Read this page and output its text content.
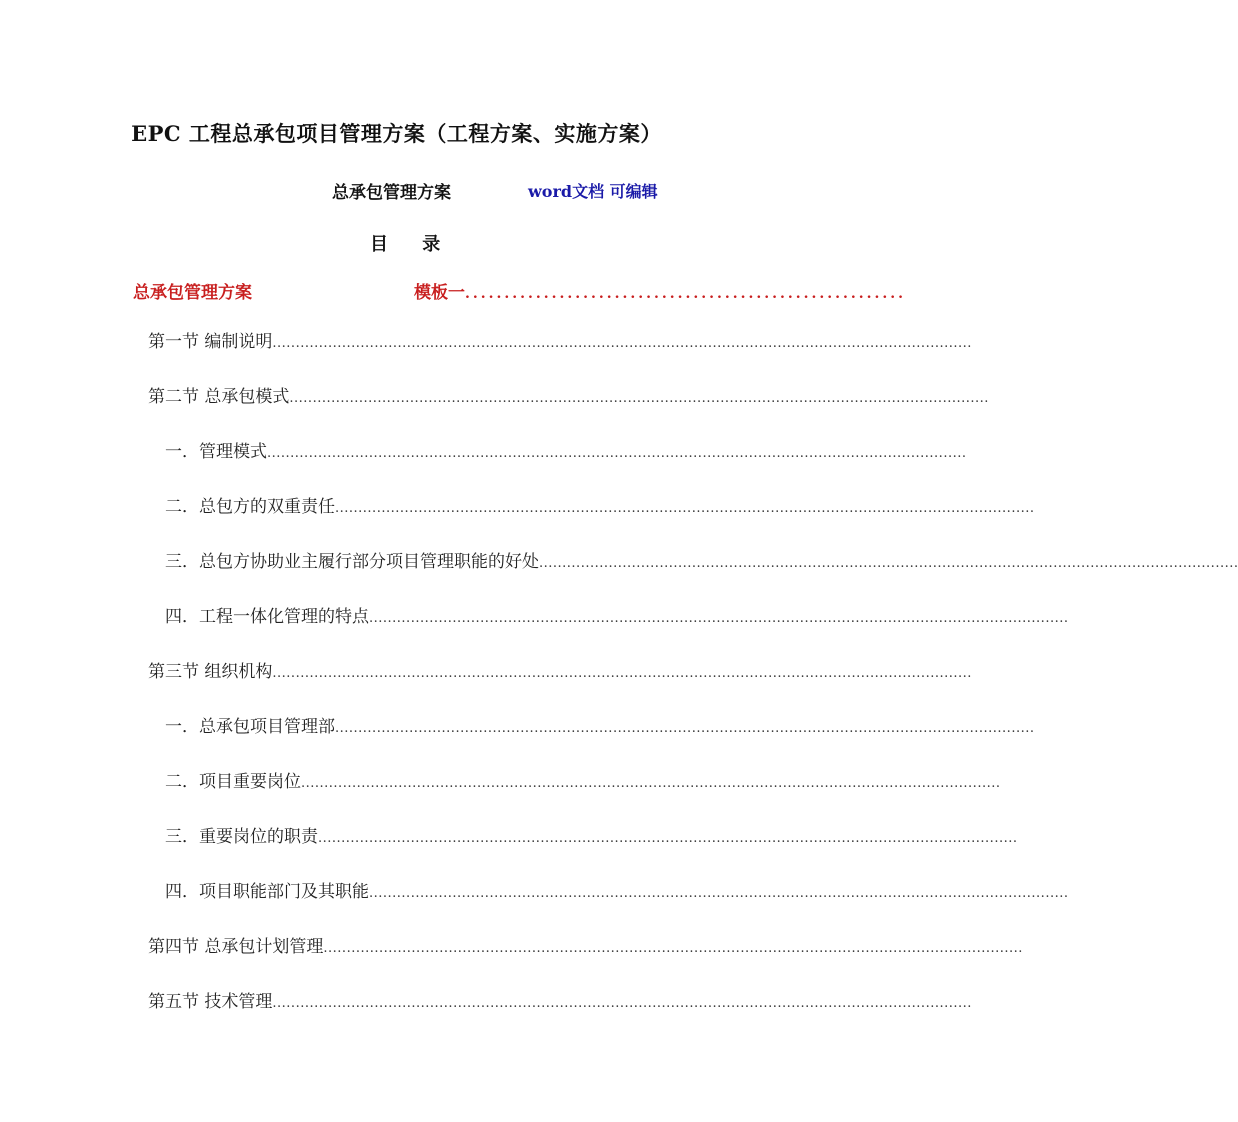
EPC 工程总承包项目管理方案（工程方案、实施方案）
总承包管理方案	word文档 可编辑
目 录
总承包管理方案	模板一 ........................................................
第一节 编制说明 .......................................................................................................................................................
第二节 总承包模式 .......................................................................................................................................................
一．管理模式 .......................................................................................................................................................
二．总包方的双重责任 .......................................................................................................................................................
三．总包方协助业主履行部分项目管理职能的好处 .......................................................................................................................................................
四．工程一体化管理的特点 .......................................................................................................................................................
第三节 组织机构 .......................................................................................................................................................
一．总承包项目管理部 .......................................................................................................................................................
二．项目重要岗位 .......................................................................................................................................................
三．重要岗位的职责 .......................................................................................................................................................
四．项目职能部门及其职能 .......................................................................................................................................................
第四节 总承包计划管理 .......................................................................................................................................................
第五节 技术管理 .......................................................................................................................................................
